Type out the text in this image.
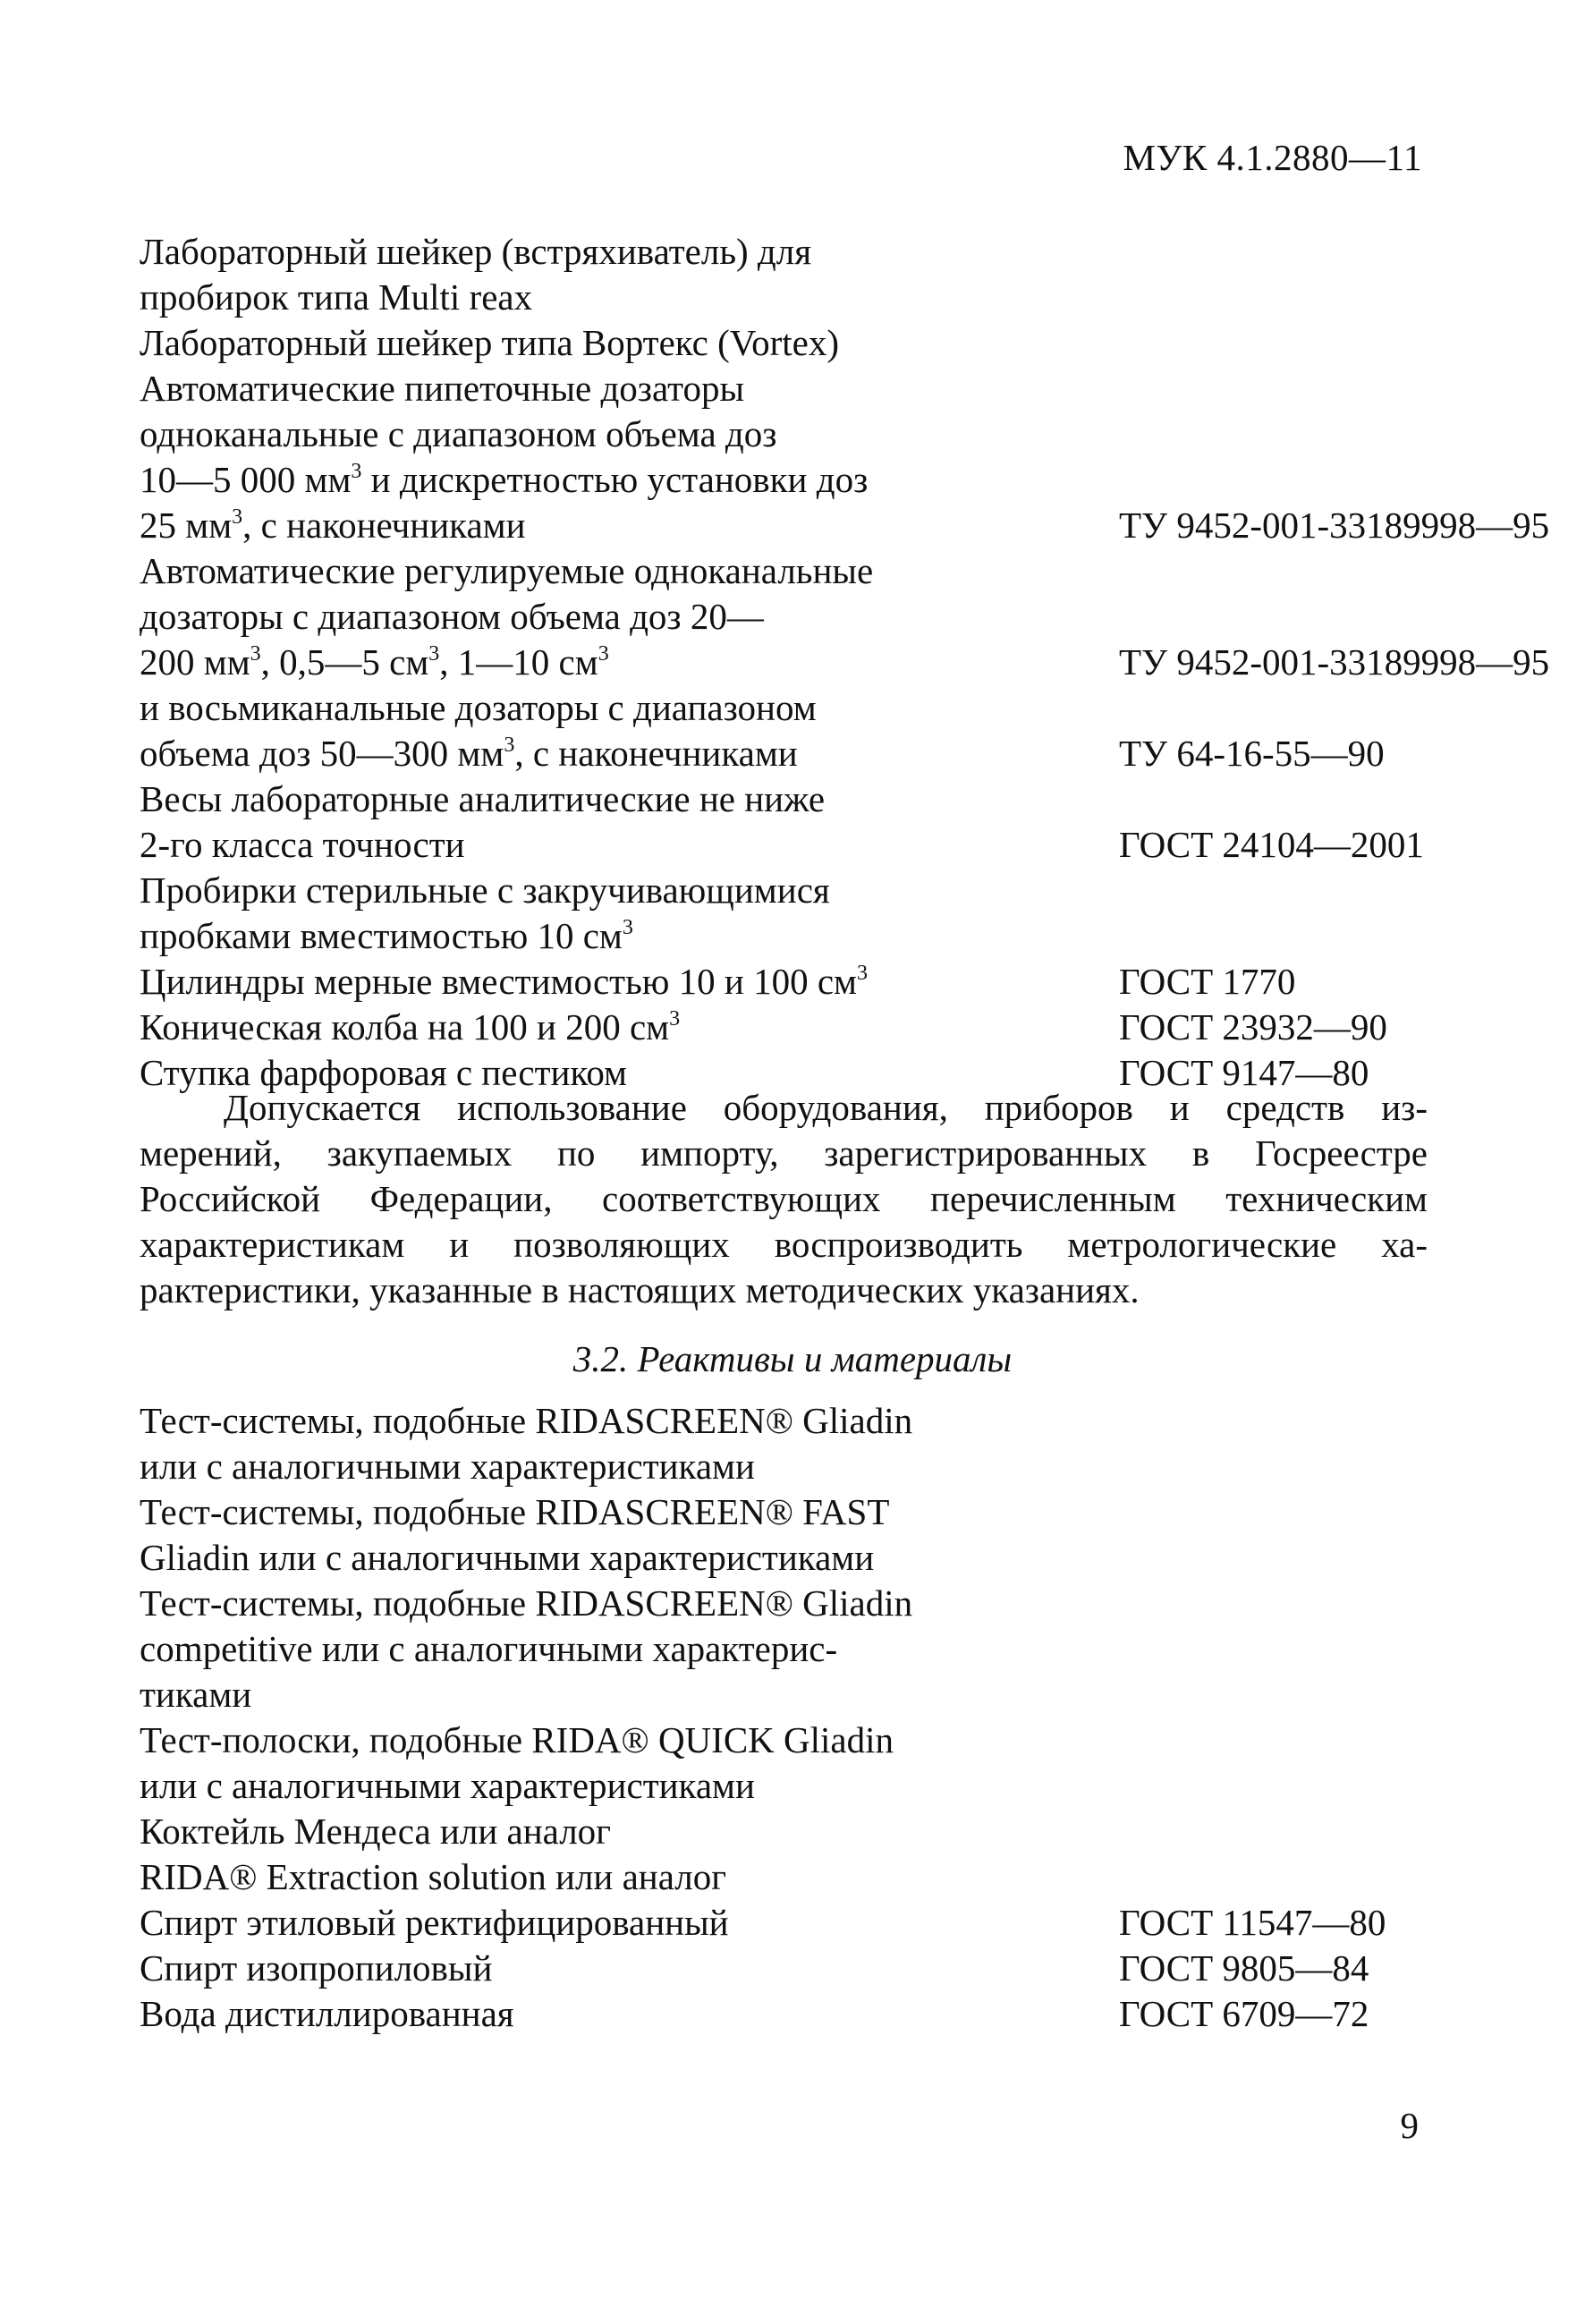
МУК 4.1.2880—11
Лабораторный шейкер (встряхиватель) для
пробирок типа Multi reax
Лабораторный шейкер типа Вортекс (Vortex)
Автоматические пипеточные дозаторы
одноканальные с диапазоном объема доз
10—5 000 $мм^3$ и дискретностью установки доз
25 $мм^3$, с наконечниками	ТУ 9452-001-33189998—95
Автоматические регулируемые одноканальные
дозаторы с диапазоном объема доз 20—
200 $мм^3$, 0,5—5 $см^3$, 1—10 $см^3$	ТУ 9452-001-33189998—95
и восьмиканальные дозаторы с диапазоном
объема доз 50—300 $мм^3$, с наконечниками	ТУ 64-16-55—90
Весы лабораторные аналитические не ниже
2-го класса точности	ГОСТ 24104—2001
Пробирки стерильные с закручивающимися
пробками вместимостью 10 $см^3$
Цилиндры мерные вместимостью 10 и 100 $см^3$	ГОСТ 1770
Коническая колба на 100 и 200 $см^3$	ГОСТ 23932—90
Ступка фарфоровая с пестиком	ГОСТ 9147—80
Допускается использование оборудования, приборов и средств из-
мерений, закупаемых по импорту, зарегистрированных в Госреестре
Российской Федерации, соответствующих перечисленным техническим
характеристикам и позволяющих воспроизводить метрологические ха-
рактеристики, указанные в настоящих методических указаниях.
3.2. Реактивы и материалы
Тест-системы, подобные RIDASCREEN® Gliadin
или с аналогичными характеристиками
Тест-системы, подобные RIDASCREEN® FAST
Gliadin или с аналогичными характеристиками
Тест-системы, подобные RIDASCREEN® Gliadin
competitive или с аналогичными характерис-
тиками
Тест-полоски, подобные RIDA® QUICK Gliadin
или с аналогичными характеристиками
Коктейль Мендеса или аналог
RIDA® Extraction solution или аналог
Спирт этиловый ректифицированный	ГОСТ 11547—80
Спирт изопропиловый	ГОСТ 9805—84
Вода дистиллированная	ГОСТ 6709—72
9
